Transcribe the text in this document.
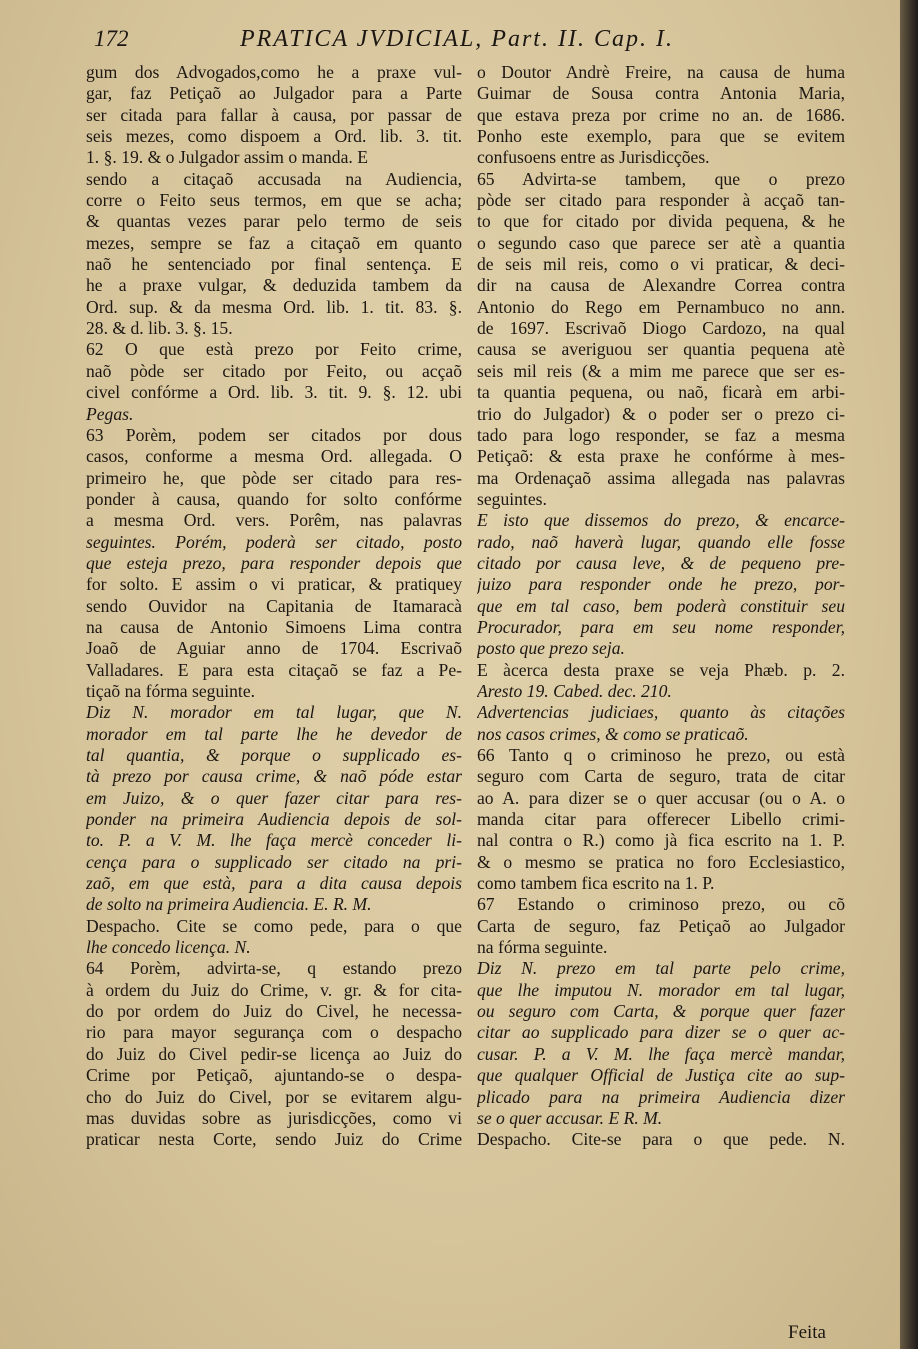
172	PRATICA JVDICIAL, Part. II. Cap. I.
gum dos Advogados,como he a praxe vul-
gar, faz Petiçaõ ao Julgador para a Parte
ser citada para fallar à causa, por passar de
seis mezes, como dispoem a Ord. lib. 3. tit.
1. §. 19. & o Julgador assim o manda. E
sendo a citaçaõ accusada na Audiencia,
corre o Feito seus termos, em que se acha;
& quantas vezes parar pelo termo de seis
mezes, sempre se faz a citaçaõ em quanto
naõ he sentenciado por final sentença. E
he a praxe vulgar, & deduzida tambem da
Ord. sup. & da mesma Ord. lib. 1. tit. 83. §.
28. & d. lib. 3. §. 15.
62 O que està prezo por Feito crime,
naõ pòde ser citado por Feito, ou acçaõ
civel confórme a Ord. lib. 3. tit. 9. §. 12. ubi
Pegas.
63 Porèm, podem ser citados por dous
casos, conforme a mesma Ord. allegada. O
primeiro he, que pòde ser citado para res-
ponder à causa, quando for solto confórme
a mesma Ord. vers. Porêm, nas palavras
seguintes. Porém, poderà ser citado, posto
que esteja prezo, para responder depois que
for solto. E assim o vi praticar, & pratiquey
sendo Ouvidor na Capitania de Itamaracà
na causa de Antonio Simoens Lima contra
Joaõ de Aguiar anno de 1704. Escrivaõ
Valladares. E para esta citaçaõ se faz a Pe-
tiçaõ na fórma seguinte.
Diz N. morador em tal lugar, que N.
morador em tal parte lhe he devedor de
tal quantia, & porque o supplicado es-
tà prezo por causa crime, & naõ póde estar
em Juizo, & o quer fazer citar para res-
ponder na primeira Audiencia depois de sol-
to. P. a V. M. lhe faça mercè conceder li-
cença para o supplicado ser citado na pri-
zaõ, em que està, para a dita causa depois
de solto na primeira Audiencia. E. R. M.
Despacho. Cite se como pede, para o que
lhe concedo licença. N.
64 Porèm, advirta-se, q estando prezo
à ordem du Juiz do Crime, v. gr. & for cita-
do por ordem do Juiz do Civel, he necessa-
rio para mayor segurança com o despacho
do Juiz do Civel pedir-se licença ao Juiz do
Crime por Petiçaõ, ajuntando-se o despa-
cho do Juiz do Civel, por se evitarem algu-
mas duvidas sobre as jurisdicções, como vi
praticar nesta Corte, sendo Juiz do Crime
o Doutor Andrè Freire, na causa de huma
Guimar de Sousa contra Antonia Maria,
que estava preza por crime no an. de 1686.
Ponho este exemplo, para que se evitem
confusoens entre as Jurisdicções.
65 Advirta-se tambem, que o prezo
pòde ser citado para responder à acçaõ tan-
to que for citado por divida pequena, & he
o segundo caso que parece ser atè a quantia
de seis mil reis, como o vi praticar, & deci-
dir na causa de Alexandre Correa contra
Antonio do Rego em Pernambuco no ann.
de 1697. Escrivaõ Diogo Cardozo, na qual
causa se averiguou ser quantia pequena atè
seis mil reis (& a mim me parece que ser es-
ta quantia pequena, ou naõ, ficarà em arbi-
trio do Julgador) & o poder ser o prezo ci-
tado para logo responder, se faz a mesma
Petiçaõ: & esta praxe he confórme à mes-
ma Ordenaçaõ assima allegada nas palavras
seguintes.
E isto que dissemos do prezo, & encarce-
rado, naõ haverà lugar, quando elle fosse
citado por causa leve, & de pequeno pre-
juizo para responder onde he prezo, por-
que em tal caso, bem poderà constituir seu
Procurador, para em seu nome responder,
posto que prezo seja.
E àcerca desta praxe se veja Phæb. p. 2.
Aresto 19. Cabed. dec. 210.
Advertencias judiciaes, quanto às citações
nos casos crimes, & como se praticaõ.
66 Tanto q o criminoso he prezo, ou està
seguro com Carta de seguro, trata de citar
ao A. para dizer se o quer accusar (ou o A. o
manda citar para offerecer Libello crimi-
nal contra o R.) como jà fica escrito na 1. P.
& o mesmo se pratica no foro Ecclesiastico,
como tambem fica escrito na 1. P.
67 Estando o criminoso prezo, ou cõ
Carta de seguro, faz Petiçaõ ao Julgador
na fórma seguinte.
Diz N. prezo em tal parte pelo crime,
que lhe imputou N. morador em tal lugar,
ou seguro com Carta, & porque quer fazer
citar ao supplicado para dizer se o quer ac-
cusar. P. a V. M. lhe faça mercè mandar,
que qualquer Official de Justiça cite ao sup-
plicado para na primeira Audiencia dizer
se o quer accusar. E R. M.
Despacho. Cite-se para o que pede. N.
Feita
